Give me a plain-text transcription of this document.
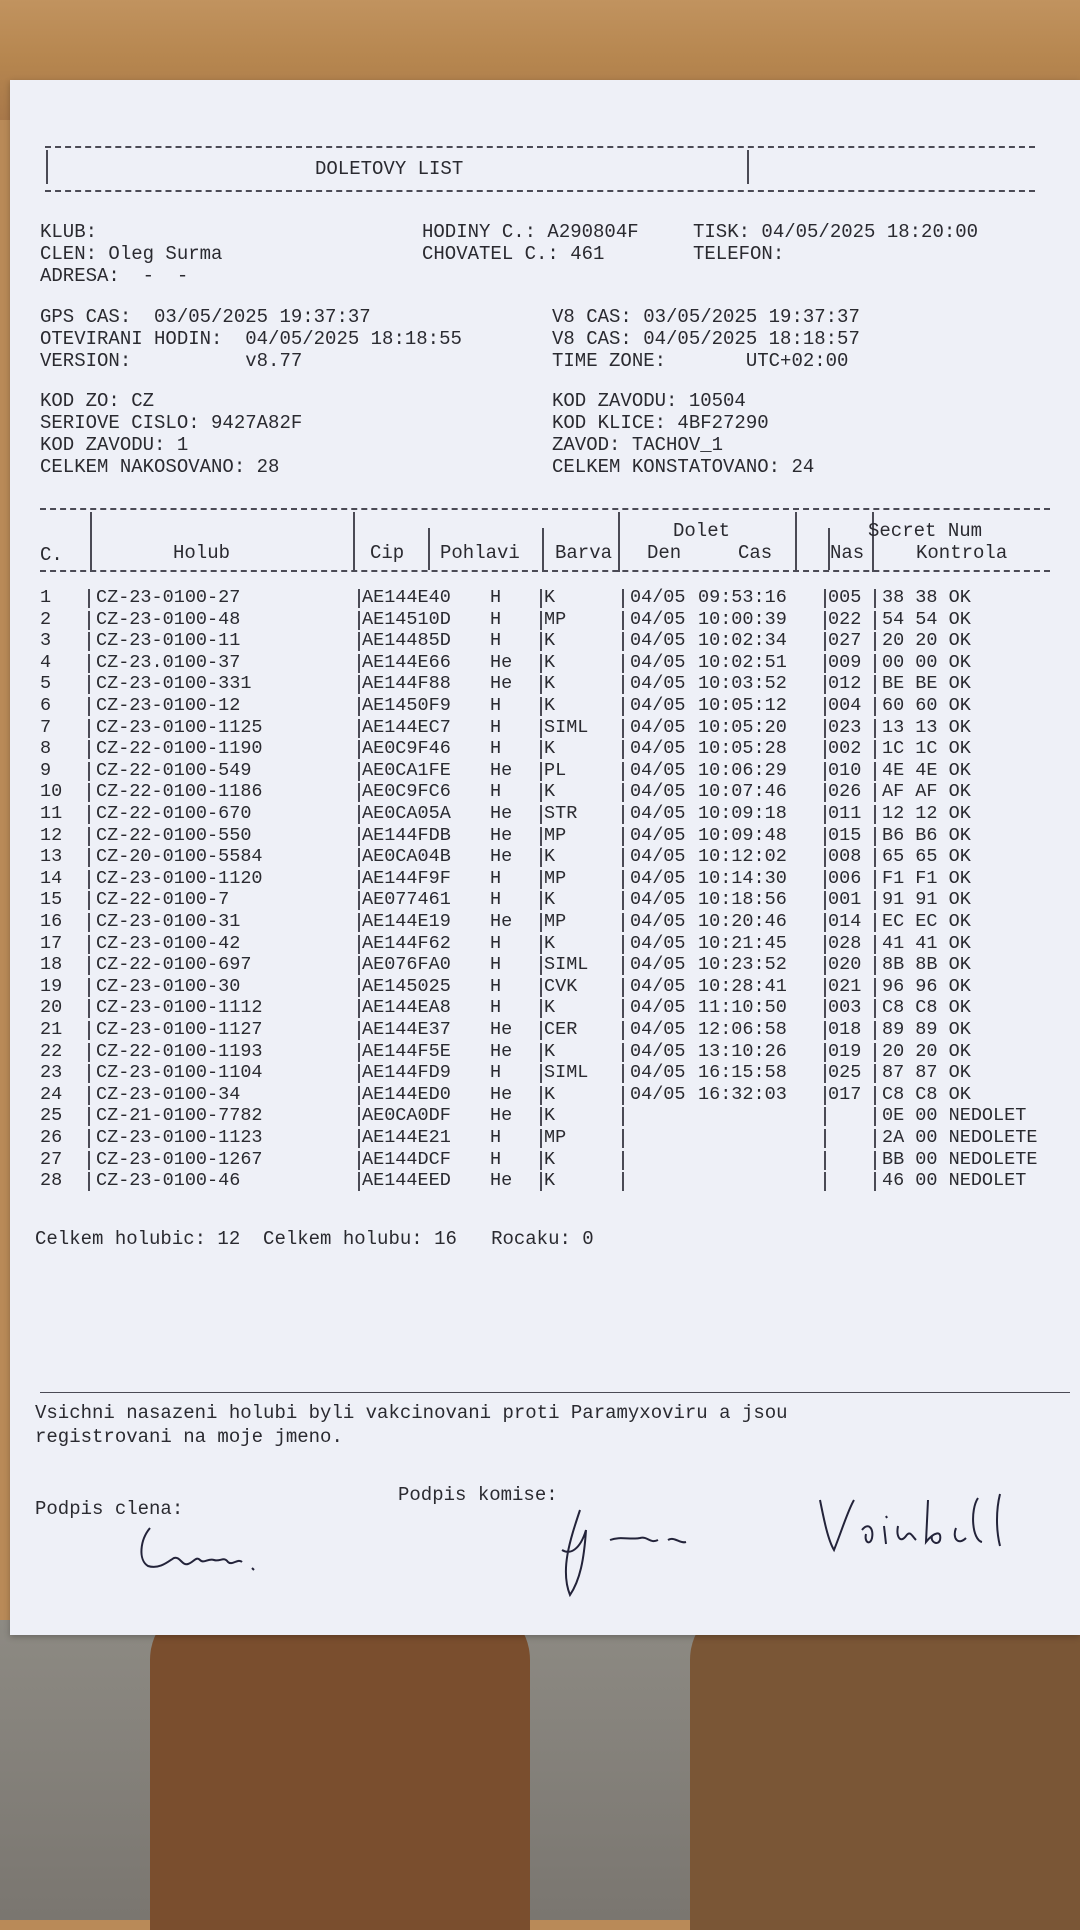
DOLETOVY LIST
KLUB:
CLEN: Oleg Surma
ADRESA:  -  -
HODINY C.: A290804F
CHOVATEL C.: 461
TISK: 04/05/2025 18:20:00
TELEFON:
GPS CAS:  03/05/2025 19:37:37
OTEVIRANI HODIN:  04/05/2025 18:18:55
VERSION:          v8.77
V8 CAS: 03/05/2025 19:37:37
V8 CAS: 04/05/2025 18:18:57
TIME ZONE:       UTC+02:00
KOD ZO: CZ
SERIOVE CISLO: 9427A82F
KOD ZAVODU: 1
CELKEM NAKOSOVANO: 28
KOD ZAVODU: 10504
KOD KLICE: 4BF27290
ZAVOD: TACHOV_1
CELKEM KONSTATOVANO: 24
Dolet	Secret Num
C.	Holub	Cip Pohlavi Barva Den	Cas	Nas	Kontrola
1 CZ-23-0100-27	AE144E40 H K	04/05 09:53:16 005 38 38 OK
2 CZ-23-0100-48	AE14510D H MP	04/05 10:00:39 022 54 54 OK
3 CZ-23-0100-11	AE14485D H K	04/05 10:02:34 027 20 20 OK
4 CZ-23.0100-37	AE144E66 He K	04/05 10:02:51 009 00 00 OK
5 CZ-23-0100-331	AE144F88 He K	04/05 10:03:52 012 BE BE OK
6 CZ-23-0100-12	AE1450F9 H K	04/05 10:05:12 004 60 60 OK
7 CZ-23-0100-1125	AE144EC7 H SIML 04/05 10:05:20 023 13 13 OK
8 CZ-22-0100-1190	AE0C9F46 H K	04/05 10:05:28 002 1C 1C OK
9 CZ-22-0100-549	AE0CA1FE He PL	04/05 10:06:29 010 4E 4E OK
10 CZ-22-0100-1186	AE0C9FC6 H K	04/05 10:07:46 026 AF AF OK
11 CZ-22-0100-670	AE0CA05A He STR	04/05 10:09:18 011 12 12 OK
12 CZ-22-0100-550	AE144FDB He MP	04/05 10:09:48 015 B6 B6 OK
13 CZ-20-0100-5584	AE0CA04B He K	04/05 10:12:02 008 65 65 OK
14 CZ-23-0100-1120	AE144F9F H MP	04/05 10:14:30 006 F1 F1 OK
15 CZ-22-0100-7	AE077461 H K	04/05 10:18:56 001 91 91 OK
16 CZ-23-0100-31	AE144E19 He MP	04/05 10:20:46 014 EC EC OK
17 CZ-23-0100-42	AE144F62 H K	04/05 10:21:45 028 41 41 OK
18 CZ-22-0100-697	AE076FA0 H SIML 04/05 10:23:52 020 8B 8B OK
19 CZ-23-0100-30	AE145025 H CVK	04/05 10:28:41 021 96 96 OK
20 CZ-23-0100-1112	AE144EA8 H K	04/05 11:10:50 003 C8 C8 OK
21 CZ-23-0100-1127	AE144E37 He CER	04/05 12:06:58 018 89 89 OK
22 CZ-22-0100-1193	AE144F5E He K	04/05 13:10:26 019 20 20 OK
23 CZ-23-0100-1104	AE144FD9 H SIML 04/05 16:15:58 025 87 87 OK
24 CZ-23-0100-34	AE144ED0 He K	04/05 16:32:03 017 C8 C8 OK
25 CZ-21-0100-7782	AE0CA0DF He K	0E 00 NEDOLET
26 CZ-23-0100-1123	AE144E21 H MP	2A 00 NEDOLETE
27 CZ-23-0100-1267	AE144DCF H K	BB 00 NEDOLETE
28 CZ-23-0100-46	AE144EED He K	46 00 NEDOLET
Celkem holubic: 12  Celkem holubu: 16   Rocaku: 0
Vsichni nasazeni holubi byli vakcinovani proti Paramyxoviru a jsou
registrovani na moje jmeno.
Podpis clena:
Podpis komise:
